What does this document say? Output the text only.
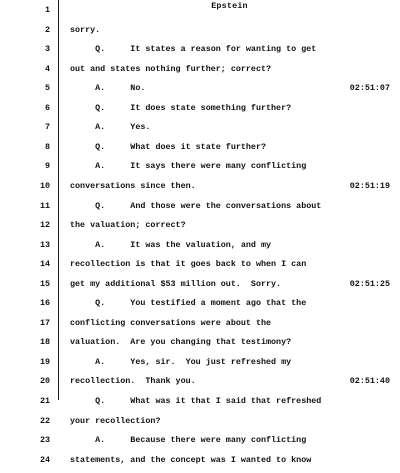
Epstein
1
2 sorry.
3 Q.     It states a reason for wanting to get
4 out and states nothing further; correct?
5 A.     No.	02:51:07
6 Q.     It does state something further?
7 A.     Yes.
8 Q.     What does it state further?
9 A.     It says there were many conflicting
10 conversations since then.	02:51:19
11 Q.     And those were the conversations about
12 the valuation; correct?
13 A.     It was the valuation, and my
14 recollection is that it goes back to when I can
15 get my additional $53 million out.  Sorry.	02:51:25
16 Q.     You testified a moment ago that the
17 conflicting conversations were about the
18 valuation.  Are you changing that testimony?
19 A.     Yes, sir.  You just refreshed my
20 recollection.  Thank you.	02:51:40
21 Q.     What was it that I said that refreshed
22 your recollection?
23 A.     Because there were many conflicting
24 statements, and the concept was I wanted to know
